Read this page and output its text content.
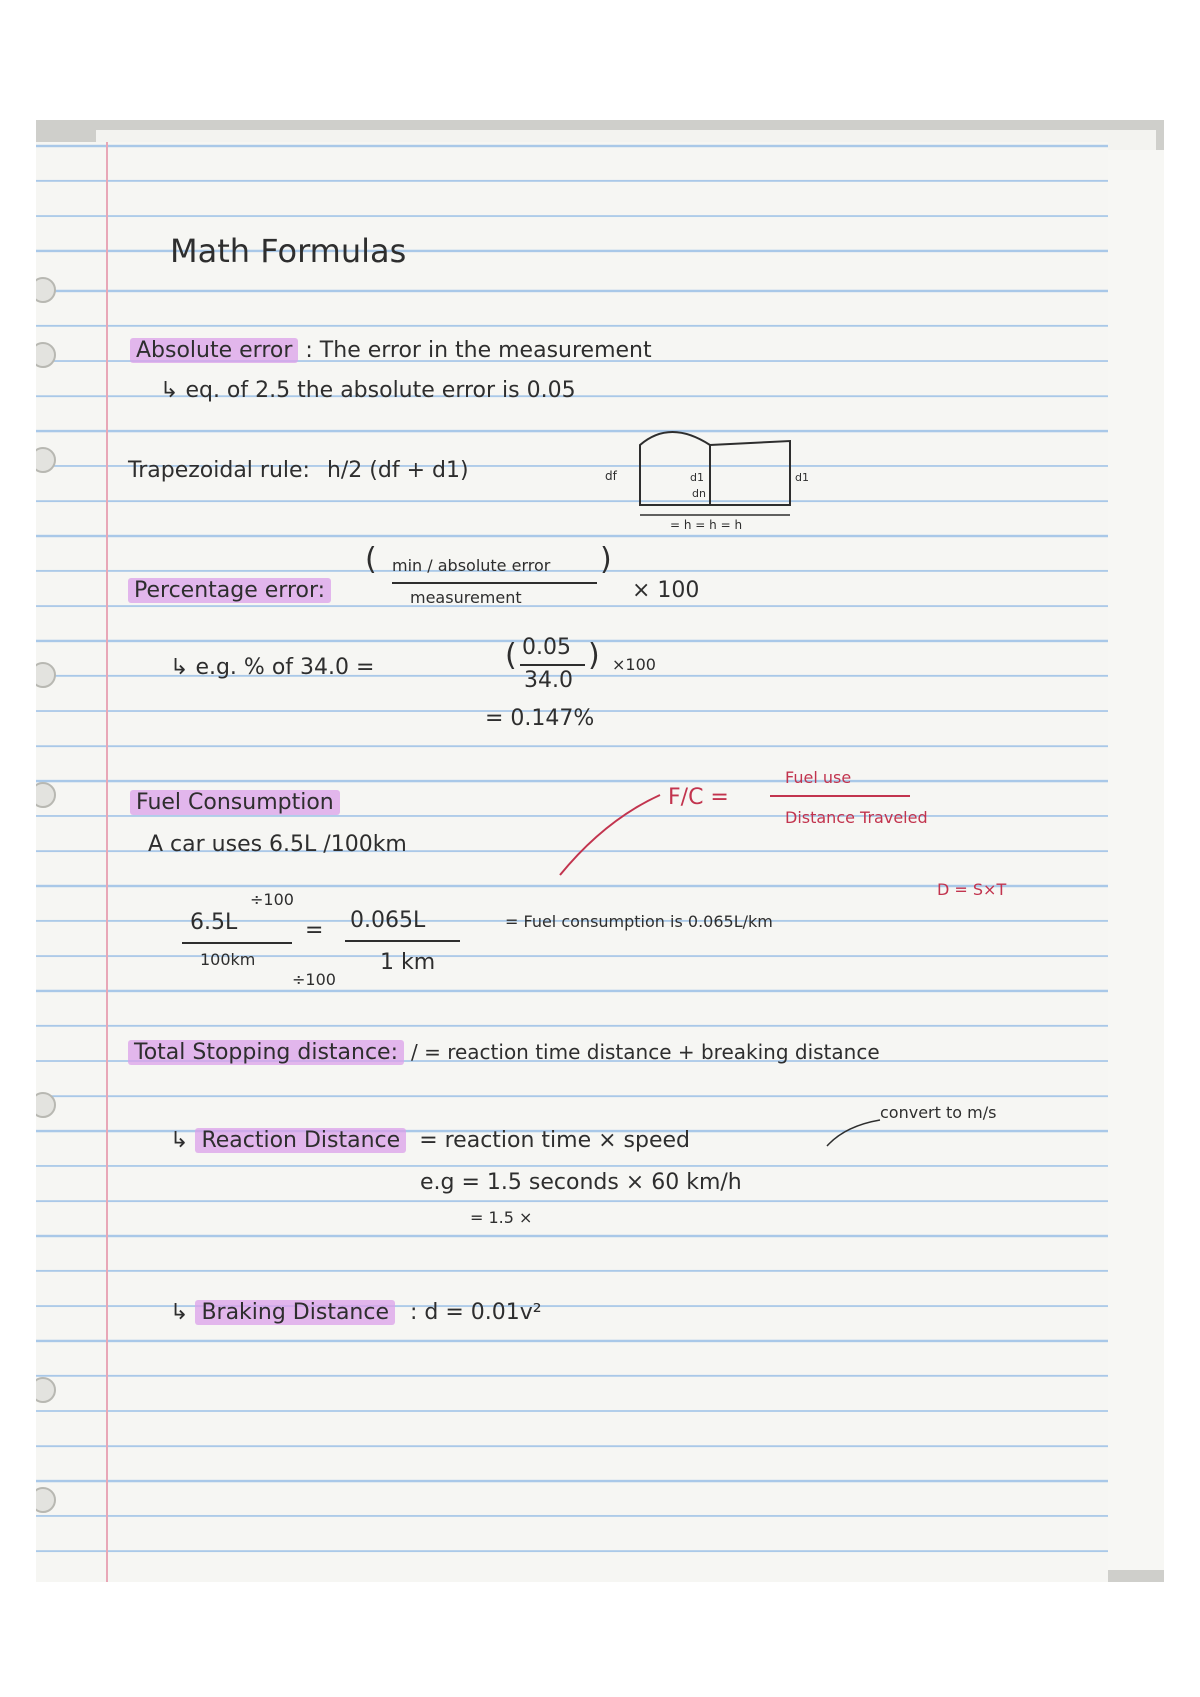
Math Formulas
Absolute error : The error in the measurement
↳ eq. of 2.5 the absolute error is 0.05
Trapezoidal rule: h/2 (df + d1)	df	d1
dn
d1
= h = h = h
Percentage error:
( min / absolute error
measurement
)
× 100
↳ e.g. % of 34.0 =	( 0.05
34.0
) ×100
= 0.147%
Fuel Consumption
A car uses 6.5L /100km
F/C =
Fuel use
Distance Traveled
D = S×T
÷100
6.5L
100km
÷100
= 0.065L
1 km
= Fuel consumption is 0.065L/km
Total Stopping distance: / = reaction time distance + breaking distance
convert to m/s
↳ Reaction Distance = reaction time × speed
e.g = 1.5 seconds × 60 km/h
= 1.5 ×
↳ Braking Distance : d = 0.01v²
